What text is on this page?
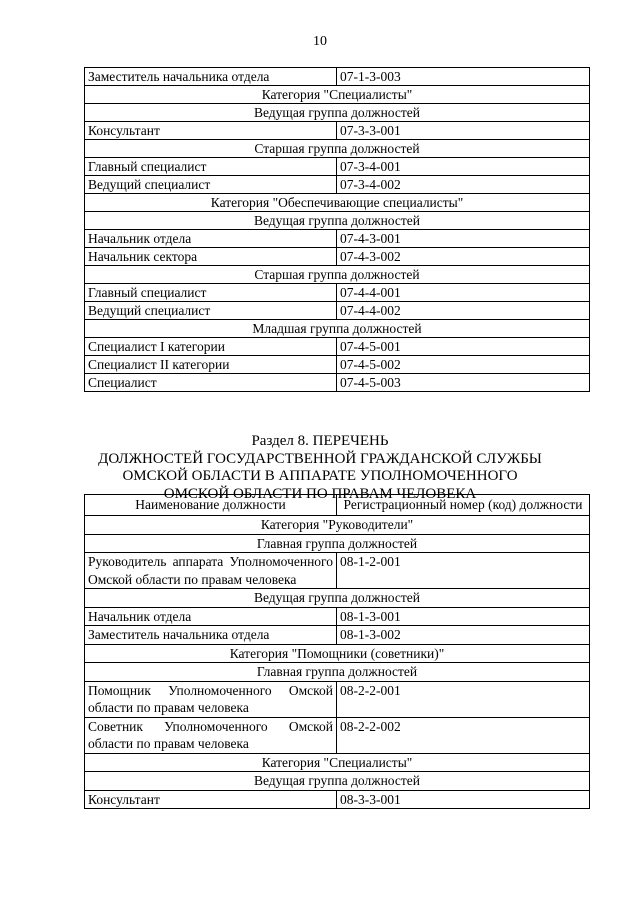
10
Заместитель начальника отдела	07-1-3-003
Категория "Специалисты"	
Ведущая группа должностей	
Консультант	07-3-3-001
Старшая группа должностей	
Главный специалист	07-3-4-001
Ведущий специалист	07-3-4-002
Категория "Обеспечивающие специалисты"	
Ведущая группа должностей	
Начальник отдела	07-4-3-001
Начальник сектора	07-4-3-002
Старшая группа должностей	
Главный специалист	07-4-4-001
Ведущий специалист	07-4-4-002
Младшая группа должностей	
Специалист I категории	07-4-5-001
Специалист II категории	07-4-5-002
Специалист	07-4-5-003
Раздел 8. ПЕРЕЧЕНЬ
ДОЛЖНОСТЕЙ ГОСУДАРСТВЕННОЙ ГРАЖДАНСКОЙ СЛУЖБЫ
ОМСКОЙ ОБЛАСТИ В АППАРАТЕ УПОЛНОМОЧЕННОГО
ОМСКОЙ ОБЛАСТИ ПО ПРАВАМ ЧЕЛОВЕКА
Наименование должности	Регистрационный номер (код) должности
Категория "Руководители"	
Главная группа должностей	
Руководитель аппарата Уполномоченного Омской области по правам человека	08-1-2-001
Ведущая группа должностей	
Начальник отдела	08-1-3-001
Заместитель начальника отдела	08-1-3-002
Категория "Помощники (советники)"	
Главная группа должностей	
Помощник Уполномоченного Омской области по правам человека	08-2-2-001
Советник Уполномоченного Омской области по правам человека	08-2-2-002
Категория "Специалисты"	
Ведущая группа должностей	
Консультант	08-3-3-001
